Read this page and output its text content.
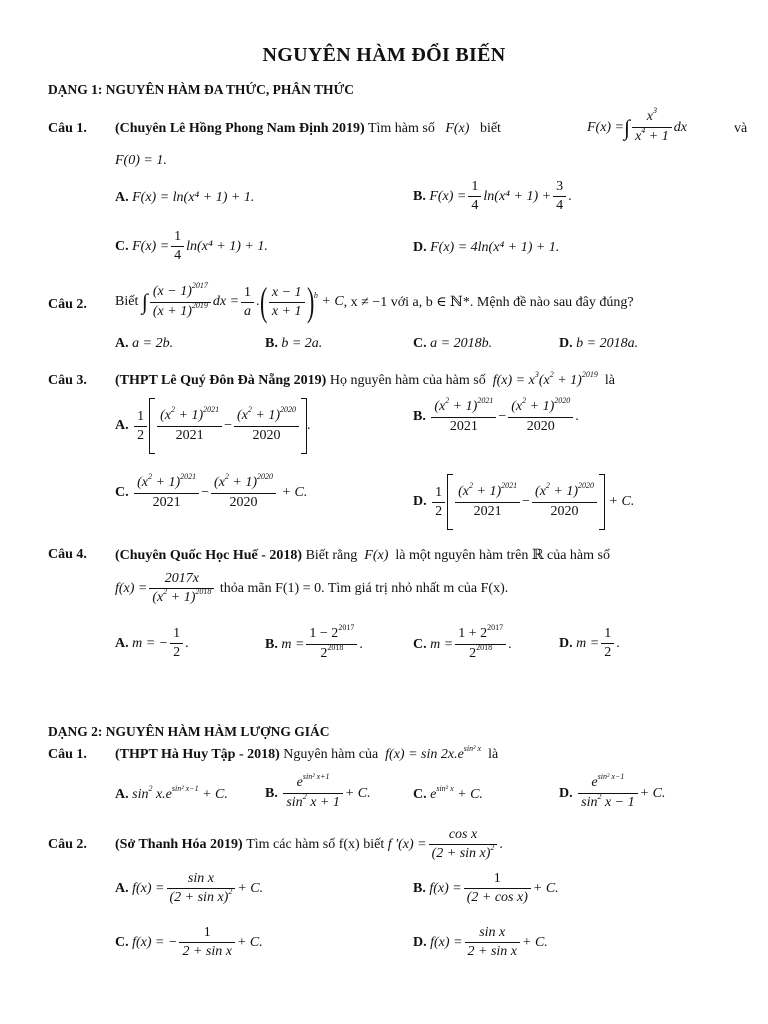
NGUYÊN HÀM ĐỔI BIẾN
DẠNG 1: NGUYÊN HÀM ĐA THỨC, PHÂN THỨC
Câu 1. (Chuyên Lê Hồng Phong Nam Định 2019) Tìm hàm số   F(x)   biết	F(x) = ∫ $\frac{x^3}{x^4 + 1}$ dx	và
F(0) = 1.
A. F(x) = ln(x⁴ + 1) + 1.	B.
$F(x) = \frac{1}{4} \ln(x^4 + 1) + \frac{3}{4}$ .
C.
$F(x) = \frac{1}{4} \ln(x^4 + 1) + 1$.	D. F(x) = 4ln(x⁴ + 1) + 1.
Câu 2. Biết
∫ $\frac{(x - 1)^{2017}}{(x + 1)^{2019}}$ dx = $\frac{1}{a}$ . ( $\frac{x - 1}{x + 1}$ ) b + C , x ≠ −1 với a, b ∈ ℕ*. Mệnh đề nào sau đây đúng?
A. a = 2b.	B. b = 2a.	C. a = 2018b.	D. b = 2018a.
Câu 3. (THPT Lê Quý Đôn Đà Nẵng 2019) Họ nguyên hàm của hàm số  $f(x) = x^3(x^2 + 1)^{2019}$ là
A.
$\frac{1}{2} \frac{(x^2 + 1)^{2021}}{2021} - \frac{(x^2 + 1)^{2020}}{2020}$ .
B.
$\frac{(x^2 + 1)^{2021}}{2021} - \frac{(x^2 + 1)^{2020}}{2020}$ .
C.
$\frac{(x^2 + 1)^{2021}}{2021} - \frac{(x^2 + 1)^{2020}}{2020} + C$.
D.
$\frac{1}{2} \frac{(x^2 + 1)^{2021}}{2021} - \frac{(x^2 + 1)^{2020}}{2020} + C$.
Câu 4. (Chuyên Quốc Học Huế - 2018) Biết rằng  F(x)  là một nguyên hàm trên ℝ của hàm số
$f(x) = \frac{2017x}{(x^2 + 1)^{2018}}$
thỏa mãn F(1) = 0. Tìm giá trị nhỏ nhất m của F(x).
A.
m = − $\frac{1}{2}$ .	B.
$m = \frac{1 - 2^{2017}}{2^{2018}}$ .	C.
$m = \frac{1 + 2^{2017}}{2^{2018}}$ .	D.
$m = \frac{1}{2}$ .
DẠNG 2: NGUYÊN HÀM HÀM LƯỢNG GIÁC
Câu 1. (THPT Hà Huy Tập - 2018) Nguyên hàm của  $f(x) = \sin 2x.e^{sin^2 x}$ là
A. $\sin^2 x.e^{sin^2 x-1} + C$.	B.
$\frac{e^{sin^2 x+1}}{\sin^2 x + 1} + C$.	C. $e^{sin^2 x} + C$.	D.
$\frac{e^{sin^2 x-1}}{\sin^2 x - 1} + C$.
Câu 2. (Sở Thanh Hóa 2019)
Tìm các hàm số f(x) biết f '$(x) = \frac{\text{cos x}}{(2 + \sin x)^2}$ .
A.
$f(x) = \frac{\text{sin x}}{(2 + \sin x)^2} + C$.	B.
$f(x) = \frac{1}{\text{(2 + cos x)}} + C$.
C.
f(x) = − $\frac{1}{\text{2 + sin x}} + C$.	D.
$f(x) = \frac{\text{sin x}}{\text{2 + sin x}} + C$.
